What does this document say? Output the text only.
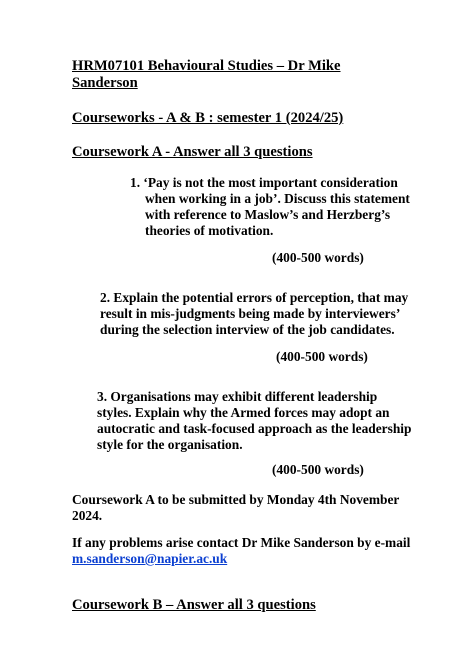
HRM07101 Behavioural Studies – Dr Mike
Sanderson
Courseworks - A & B : semester 1 (2024/25)
Coursework A - Answer all 3 questions
1. ‘Pay is not the most important consideration
when working in a job’. Discuss this statement
with reference to Maslow’s and Herzberg’s
theories of motivation.
(400-500 words)
2. Explain the potential errors of perception, that may
result in mis-judgments being made by interviewers’
during the selection interview of the job candidates.
(400-500 words)
3. Organisations may exhibit different leadership
styles. Explain why the Armed forces may adopt an
autocratic and task-focused approach as the leadership
style for the organisation.
(400-500 words)
Coursework A to be submitted by Monday 4th November
2024.
If any problems arise contact Dr Mike Sanderson by e-mail
m.sanderson@napier.ac.uk
Coursework B – Answer all 3 questions
